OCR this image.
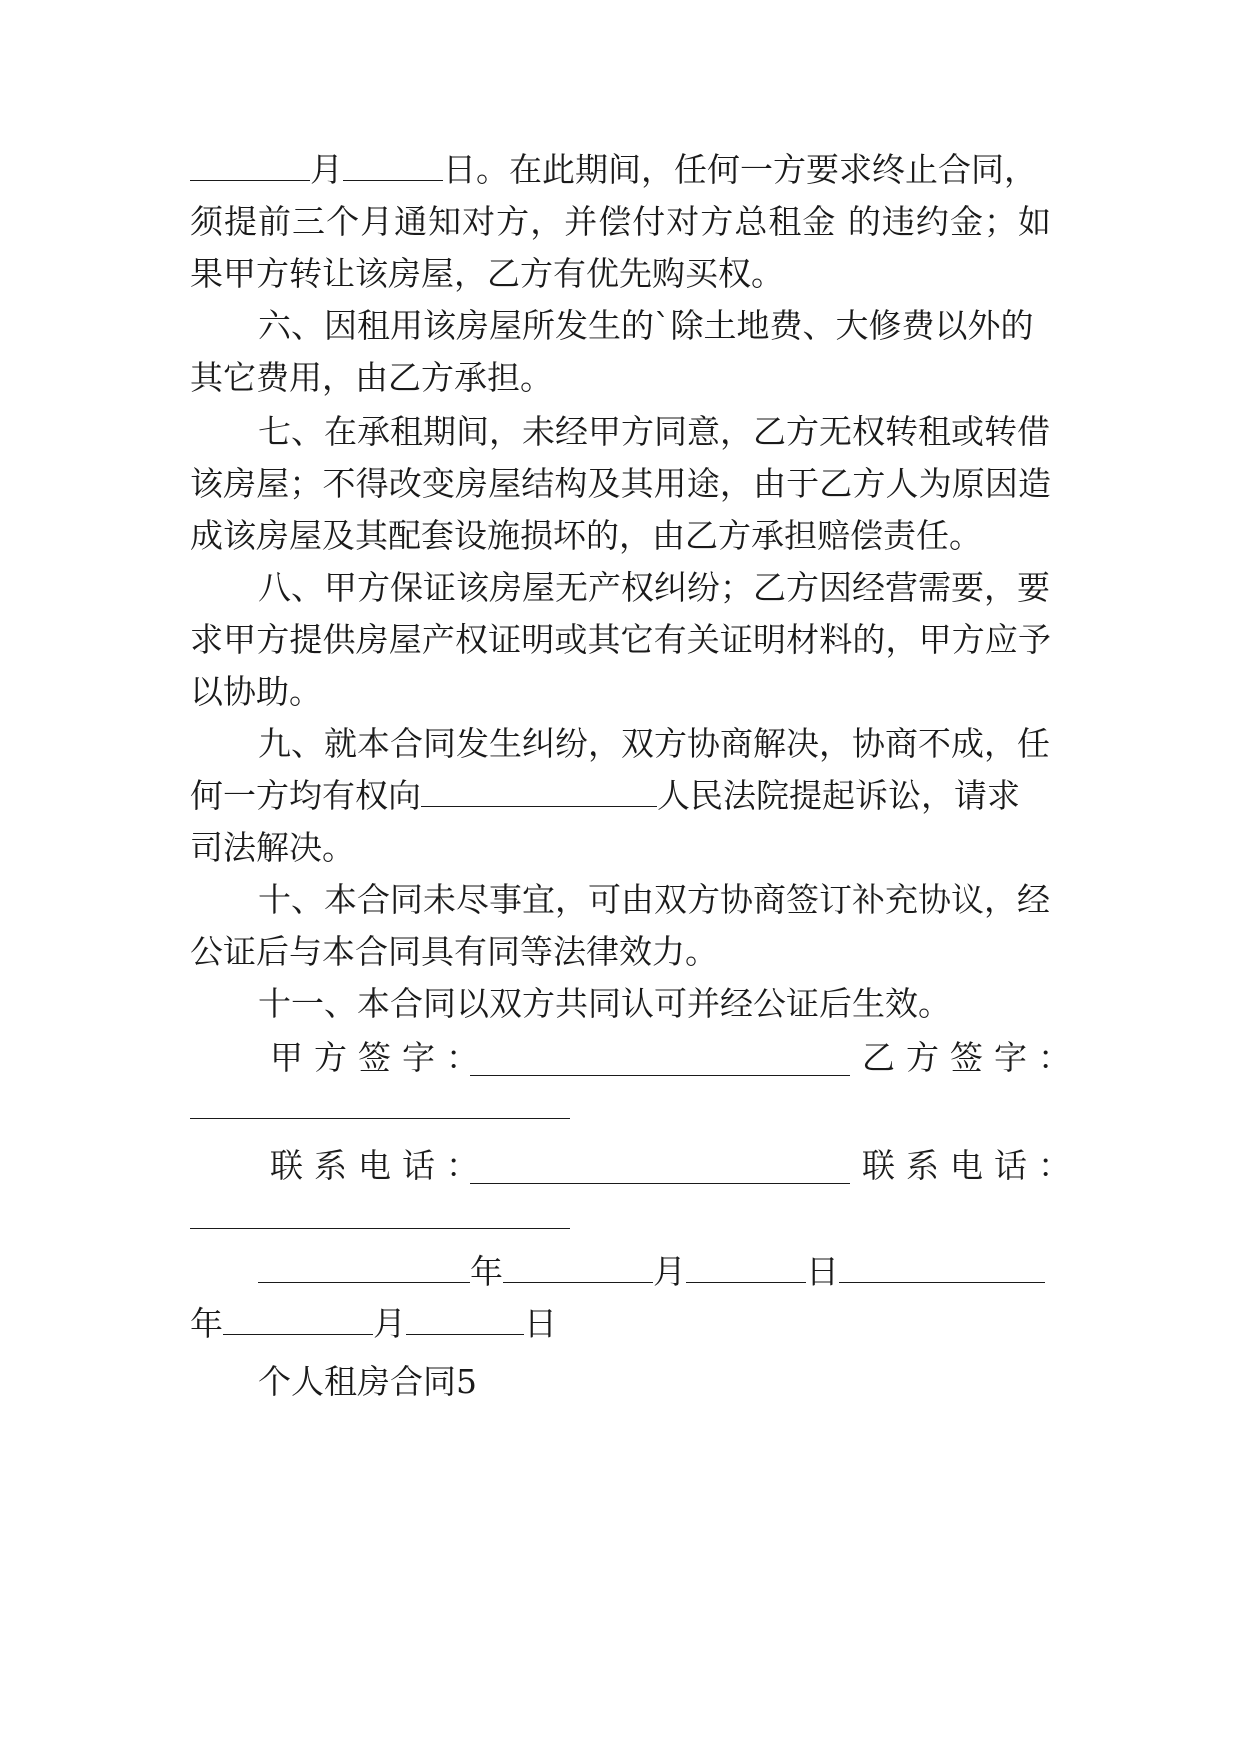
月	日。在此期间，任何一方要求终止合同，
须提前三个月通知对方，并偿付对方总租金 的违约金；如
果甲方转让该房屋，乙方有优先购买权。
六、因租用该房屋所发生的`除土地费、大修费以外的
其它费用，由乙方承担。
七、在承租期间，未经甲方同意，乙方无权转租或转借
该房屋；不得改变房屋结构及其用途，由于乙方人为原因造
成该房屋及其配套设施损坏的，由乙方承担赔偿责任。
八、甲方保证该房屋无产权纠纷；乙方因经营需要，要
求甲方提供房屋产权证明或其它有关证明材料的，甲方应予
以协助。
九、就本合同发生纠纷，双方协商解决，协商不成，任
何一方均有权向	人民法院提起诉讼，请求
司法解决。
十、本合同未尽事宜，可由双方协商签订补充协议，经
公证后与本合同具有同等法律效力。
十一、本合同以双方共同认可并经公证后生效。
甲方签字：	乙方签字：
联系电话：	联系电话：
年	月	日
年	月	日
个人租房合同5
